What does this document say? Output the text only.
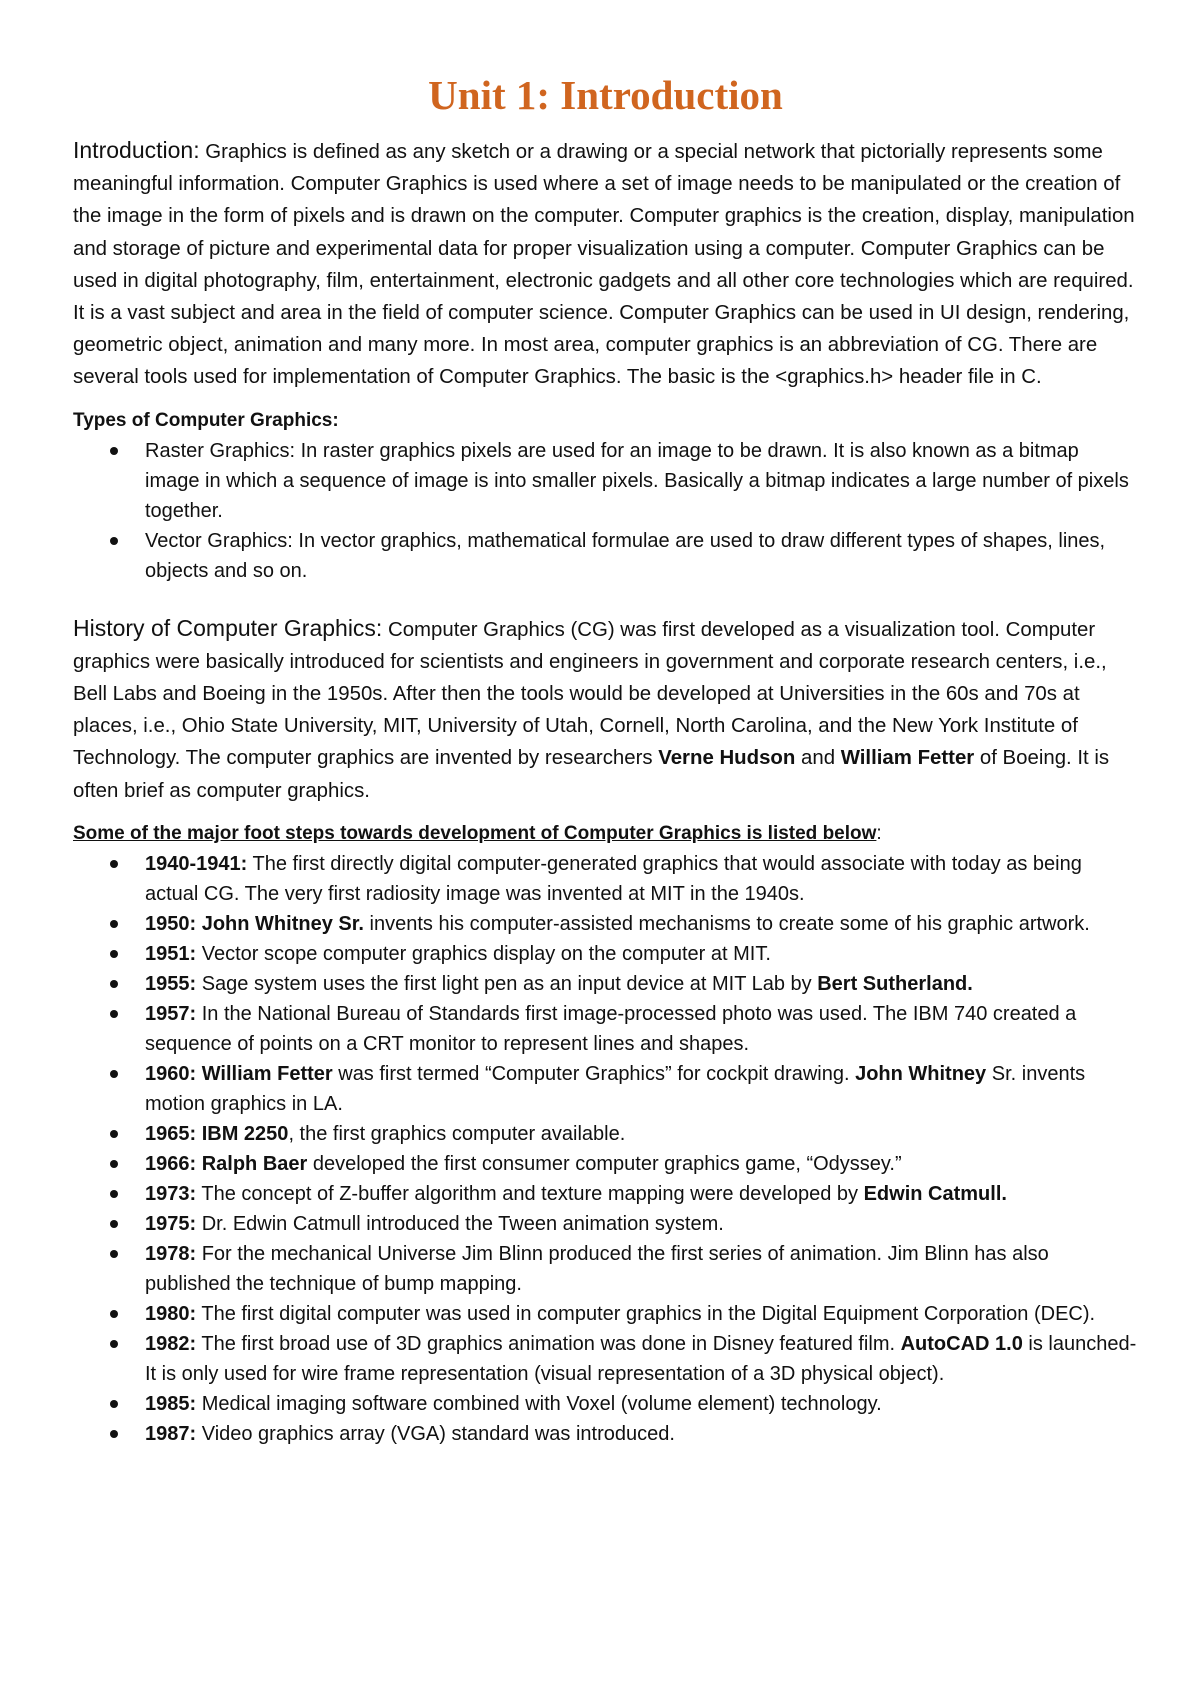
Unit 1: Introduction

Introduction: Graphics is defined as any sketch or a drawing or a special network that pictorially represents some meaningful information. Computer Graphics is used where a set of image needs to be manipulated or the creation of the image in the form of pixels and is drawn on the computer. Computer graphics is the creation, display, manipulation and storage of picture and experimental data for proper visualization using a computer. Computer Graphics can be used in digital photography, film, entertainment, electronic gadgets and all other core technologies which are required. It is a vast subject and area in the field of computer science. Computer Graphics can be used in UI design, rendering, geometric object, animation and many more. In most area, computer graphics is an abbreviation of CG. There are several tools used for implementation of Computer Graphics. The basic is the <graphics.h> header file in C.

Types of Computer Graphics:
Raster Graphics: In raster graphics pixels are used for an image to be drawn. It is also known as a bitmap image in which a sequence of image is into smaller pixels. Basically a bitmap indicates a large number of pixels together.
Vector Graphics: In vector graphics, mathematical formulae are used to draw different types of shapes, lines, objects and so on.

History of Computer Graphics: Computer Graphics (CG) was first developed as a visualization tool. Computer graphics were basically introduced for scientists and engineers in government and corporate research centers, i.e., Bell Labs and Boeing in the 1950s. After then the tools would be developed at Universities in the 60s and 70s at places, i.e., Ohio State University, MIT, University of Utah, Cornell, North Carolina, and the New York Institute of Technology. The computer graphics are invented by researchers Verne Hudson and William Fetter of Boeing. It is often brief as computer graphics.

Some of the major foot steps towards development of Computer Graphics is listed below:
1940-1941: The first directly digital computer-generated graphics that would associate with today as being actual CG. The very first radiosity image was invented at MIT in the 1940s.
1950: John Whitney Sr. invents his computer-assisted mechanisms to create some of his graphic artwork.
1951: Vector scope computer graphics display on the computer at MIT.
1955: Sage system uses the first light pen as an input device at MIT Lab by Bert Sutherland.
1957: In the National Bureau of Standards first image-processed photo was used. The IBM 740 created a sequence of points on a CRT monitor to represent lines and shapes.
1960: William Fetter was first termed “Computer Graphics” for cockpit drawing. John Whitney Sr. invents motion graphics in LA.
1965: IBM 2250, the first graphics computer available.
1966: Ralph Baer developed the first consumer computer graphics game, “Odyssey.”
1973: The concept of Z-buffer algorithm and texture mapping were developed by Edwin Catmull.
1975: Dr. Edwin Catmull introduced the Tween animation system.
1978: For the mechanical Universe Jim Blinn produced the first series of animation. Jim Blinn has also published the technique of bump mapping.
1980: The first digital computer was used in computer graphics in the Digital Equipment Corporation (DEC).
1982: The first broad use of 3D graphics animation was done in Disney featured film. AutoCAD 1.0 is launched-It is only used for wire frame representation (visual representation of a 3D physical object).
1985: Medical imaging software combined with Voxel (volume element) technology.
1987: Video graphics array (VGA) standard was introduced.
